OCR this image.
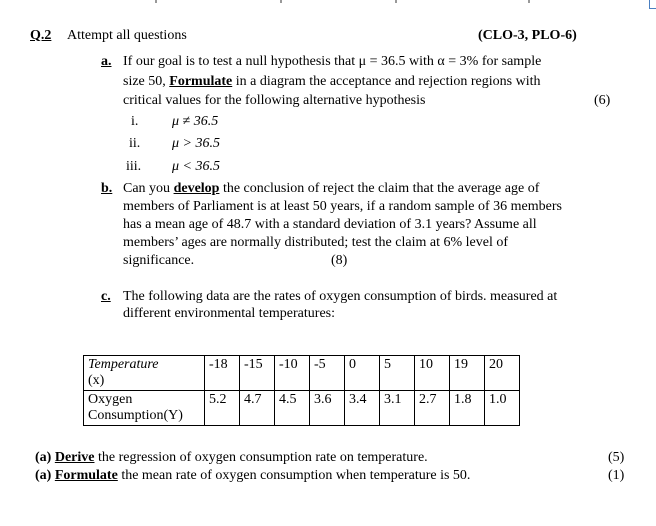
Q.2 Attempt all questions	(CLO-3, PLO-6)
a. If our goal is to test a null hypothesis that μ = 36.5 with α = 3% for sample
size 50, Formulate in a diagram the acceptance and rejection regions with
critical values for the following alternative hypothesis	(6)
i. μ ≠ 36.5
ii. μ > 36.5
iii. μ < 36.5
b. Can you develop the conclusion of reject the claim that the average age of
members of Parliament is at least 50 years, if a random sample of 36 members
has a mean age of 48.7 with a standard deviation of 3.1 years? Assume all
members’ ages are normally distributed; test the claim at 6% level of
significance.	(8)
c. The following data are the rates of oxygen consumption of birds. measured at
different environmental temperatures:
Temperature
(x)	-18	-15	-10	-5	0	5	10	19	20
Oxygen
Consumption(Y)	5.2	4.7	4.5	3.6	3.4	3.1	2.7	1.8	1.0
(a) Derive the regression of oxygen consumption rate on temperature.	(5)
(a) Formulate the mean rate of oxygen consumption when temperature is 50.	(1)
